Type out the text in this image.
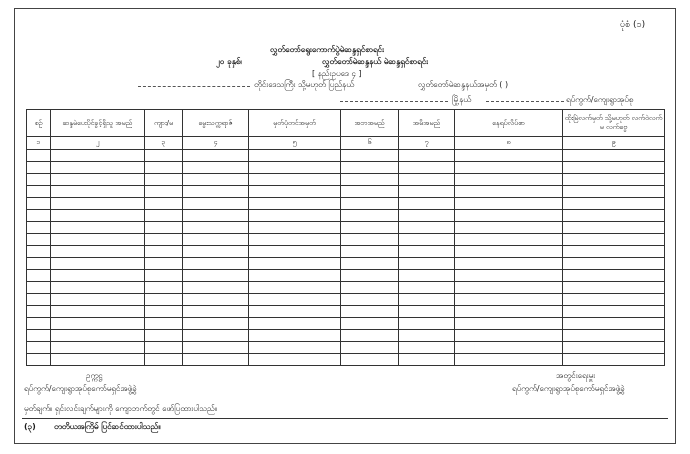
ပုံစံ (၁)
လွှတ်တော်ရွေးကောက်ပွဲမဲဆန္ဒရှင်စာရင်း
၂၀ ခုနှစ်၊	လွှတ်တော်မဲဆန္ဒနယ် မဲဆန္ဒရှင်စာရင်း
[ နည်းဥပဒေ ၄ ]
တိုင်းဒေသကြီး သို့မဟုတ် ပြည်နယ်	လွှတ်တော်မဲဆန္ဒနယ်အမှတ် ( )
မြို့နယ်	ရပ်ကွက်/ကျေးရွာအုပ်စု
စဉ်	ဆန္ဒမဲပေးပိုင်ခွင့်ရှိသူ အမည်	ကျား/မ	မွေးသက္ကရာဇ်	မှတ်ပုံတင်အမှတ်	အဘအမည်	အမိအမည်	နေရပ်လိပ်စာ	ထိုးမြဲလက်မှတ် သို့မဟုတ် လက်ဝဲလက်မ လက်ဗွေ
၁	၂	၃	၄	၅	၆	၇	၈	၉

ဥက္ကဋ္ဌ
ရပ်ကွက်/ကျေးရွာအုပ်စုကော်မရှင်အဖွဲ့ခွဲ
အတွင်းရေးမှူး
ရပ်ကွက်/ကျေးရွာအုပ်စုကော်မရှင်အဖွဲ့ခွဲ
မှတ်ချက်။ ရှင်းလင်းချက်များကို ကျောဘက်တွင် ဖော်ပြထားပါသည်။
(၃) တတိယအကြိမ် ပြင်ဆင်ထားပါသည်။
